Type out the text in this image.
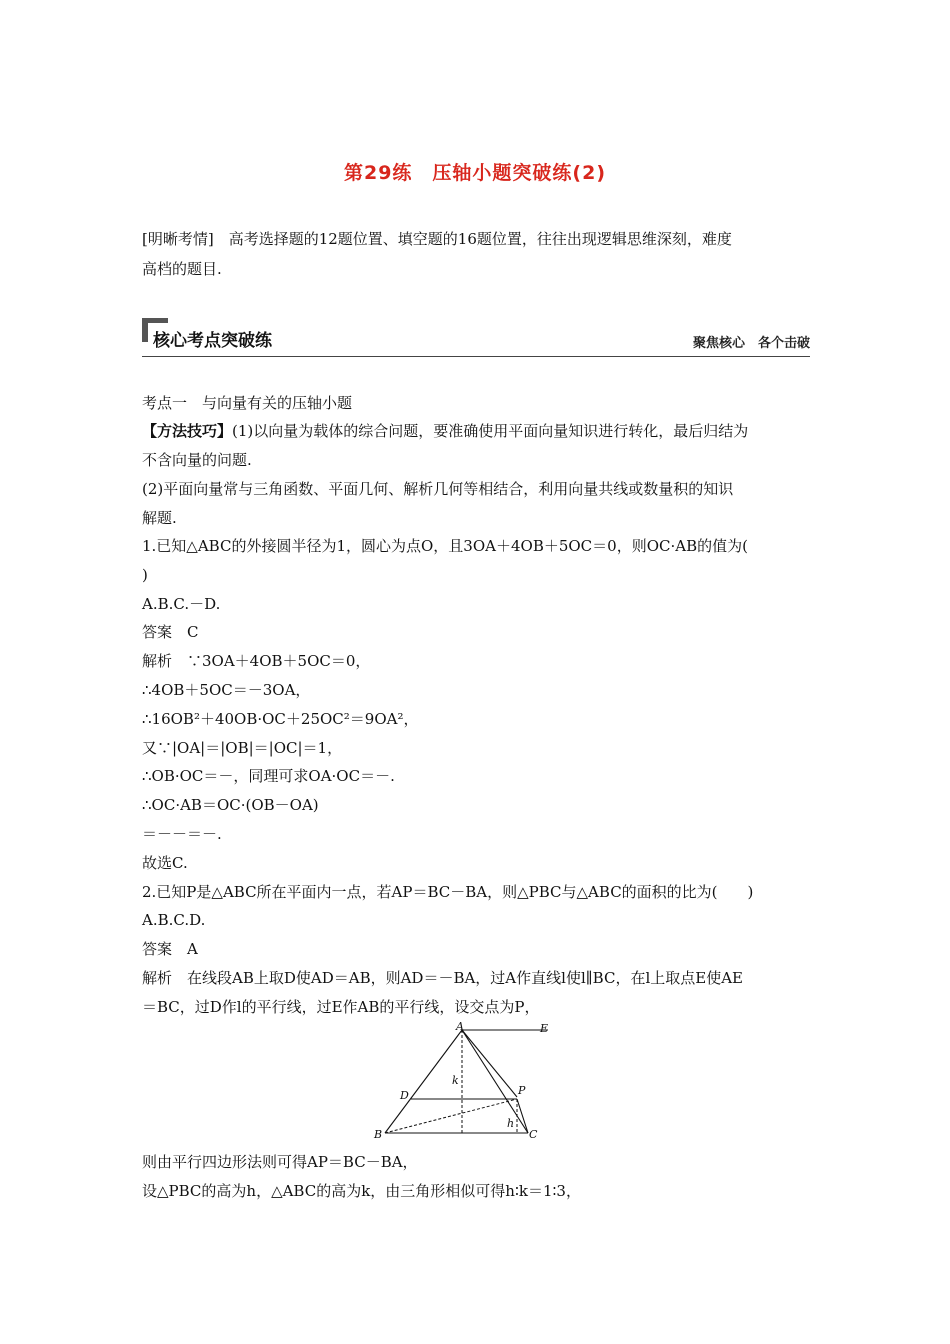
第29练　压轴小题突破练(2)
[明晰考情]　高考选择题的12题位置、填空题的16题位置，往往出现逻辑思维深刻，难度
高档的题目.
核心考点突破练	聚焦核心　各个击破
考点一　与向量有关的压轴小题
【方法技巧】(1)以向量为载体的综合问题，要准确使用平面向量知识进行转化，最后归结为
不含向量的问题.
(2)平面向量常与三角函数、平面几何、解析几何等相结合，利用向量共线或数量积的知识
解题.
1.已知△ABC的外接圆半径为1，圆心为点O，且3OA＋4OB＋5OC＝0，则OC·AB的值为(
)
A.B.C.－D.
答案　C
解析　∵3OA＋4OB＋5OC＝0，
∴4OB＋5OC＝－3OA，
∴16OB²＋40OB·OC＋25OC²＝9OA²，
又∵|OA|＝|OB|＝|OC|＝1，
∴OB·OC＝－，同理可求OA·OC＝－.
∴OC·AB＝OC·(OB－OA)
＝－－＝－.
故选C.
2.已知P是△ABC所在平面内一点，若AP＝BC－BA，则△PBC与△ABC的面积的比为(　　)
A.B.C.D.
答案　A
解析　在线段AB上取D使AD＝AB，则AD＝－BA，过A作直线l使l∥BC，在l上取点E使AE
＝BC，过D作l的平行线，过E作AB的平行线，设交点为P，
A	E
D	P
B	C
k
h
则由平行四边形法则可得AP＝BC－BA，
设△PBC的高为h，△ABC的高为k，由三角形相似可得h∶k＝1∶3，
